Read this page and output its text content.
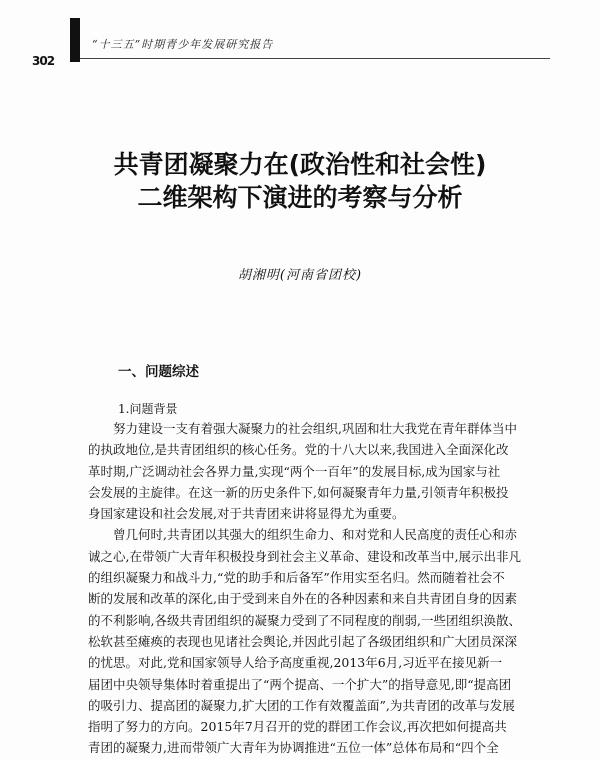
“十三五”时期青少年发展研究报告
302
共青团凝聚力在(政治性和社会性)
二维架构下演进的考察与分析
胡湘明(河南省团校)
一、问题综述
1.问题背景
努力建设一支有着强大凝聚力的社会组织,巩固和壮大我党在青年群体当中
的执政地位,是共青团组织的核心任务。党的十八大以来,我国进入全面深化改
革时期,广泛调动社会各界力量,实现“两个一百年”的发展目标,成为国家与社
会发展的主旋律。在这一新的历史条件下,如何凝聚青年力量,引领青年积极投
身国家建设和社会发展,对于共青团来讲将显得尤为重要。
曾几何时,共青团以其强大的组织生命力、和对党和人民高度的责任心和赤
诚之心,在带领广大青年积极投身到社会主义革命、建设和改革当中,展示出非凡
的组织凝聚力和战斗力,“党的助手和后备军”作用实至名归。然而随着社会不
断的发展和改革的深化,由于受到来自外在的各种因素和来自共青团自身的因素
的不利影响,各级共青团组织的凝聚力受到了不同程度的削弱,一些团组织涣散、
松软甚至瘫痪的表现也见诸社会舆论,并因此引起了各级团组织和广大团员深深
的忧思。对此,党和国家领导人给予高度重视,2013年6月,习近平在接见新一
届团中央领导集体时着重提出了“两个提高、一个扩大”的指导意见,即“提高团
的吸引力、提高团的凝聚力,扩大团的工作有效覆盖面”,为共青团的改革与发展
指明了努力的方向。2015年7月召开的党的群团工作会议,再次把如何提高共
青团的凝聚力,进而带领广大青年为协调推进“五位一体”总体布局和“四个全
